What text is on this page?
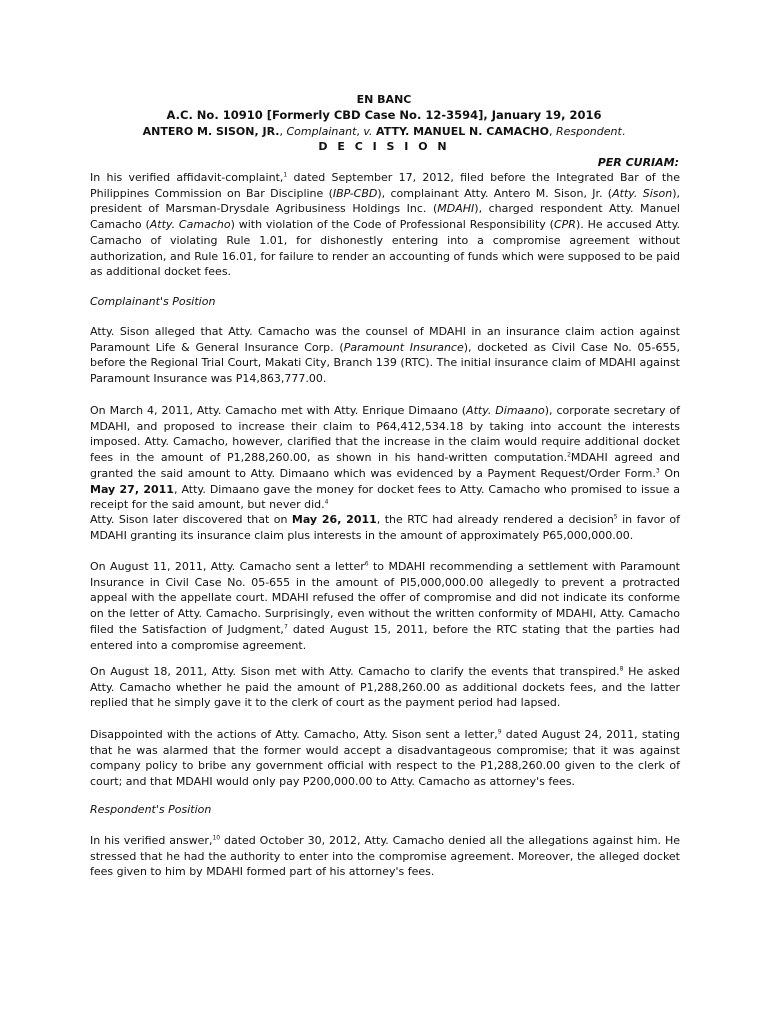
EN BANC
A.C. No. 10910 [Formerly CBD Case No. 12-3594], January 19, 2016
ANTERO M. SISON, JR., Complainant, v. ATTY. MANUEL N. CAMACHO, Respondent.
D E C I S I O N
PER CURIAM:

In his verified affidavit-complaint,$^1$ dated September 17, 2012, filed before the Integrated Bar of the Philippines Commission on Bar Discipline (IBP-CBD), complainant Atty. Antero M. Sison, Jr. (Atty. Sison), president of Marsman-Drysdale Agribusiness Holdings Inc. (MDAHI), charged respondent Atty. Manuel Camacho (Atty. Camacho) with violation of the Code of Professional Responsibility (CPR). He accused Atty. Camacho of violating Rule 1.01, for dishonestly entering into a compromise agreement without authorization, and Rule 16.01, for failure to render an accounting of funds which were supposed to be paid as additional docket fees.

Complainant's Position

Atty. Sison alleged that Atty. Camacho was the counsel of MDAHI in an insurance claim action against Paramount Life & General Insurance Corp. (Paramount Insurance), docketed as Civil Case No. 05-655, before the Regional Trial Court, Makati City, Branch 139 (RTC). The initial insurance claim of MDAHI against Paramount Insurance was P14,863,777.00.

On March 4, 2011, Atty. Camacho met with Atty. Enrique Dimaano (Atty. Dimaano), corporate secretary of MDAHI, and proposed to increase their claim to P64,412,534.18 by taking into account the interests imposed. Atty. Camacho, however, clarified that the increase in the claim would require additional docket fees in the amount of P1,288,260.00, as shown in his hand-written computation.$^2$MDAHI agreed and granted the said amount to Atty. Dimaano which was evidenced by a Payment Request/Order Form.$^3$ On May 27, 2011, Atty. Dimaano gave the money for docket fees to Atty. Camacho who promised to issue a receipt for the said amount, but never did.$^4$

Atty. Sison later discovered that on May 26, 2011, the RTC had already rendered a decision$^5$ in favor of MDAHI granting its insurance claim plus interests in the amount of approximately P65,000,000.00.

On August 11, 2011, Atty. Camacho sent a letter$^6$ to MDAHI recommending a settlement with Paramount Insurance in Civil Case No. 05-655 in the amount of PI5,000,000.00 allegedly to prevent a protracted appeal with the appellate court. MDAHI refused the offer of compromise and did not indicate its conforme on the letter of Atty. Camacho. Surprisingly, even without the written conformity of MDAHI, Atty. Camacho filed the Satisfaction of Judgment,$^7$ dated August 15, 2011, before the RTC stating that the parties had entered into a compromise agreement.

On August 18, 2011, Atty. Sison met with Atty. Camacho to clarify the events that transpired.$^8$ He asked Atty. Camacho whether he paid the amount of P1,288,260.00 as additional dockets fees, and the latter replied that he simply gave it to the clerk of court as the payment period had lapsed.

Disappointed with the actions of Atty. Camacho, Atty. Sison sent a letter,$^9$ dated August 24, 2011, stating that he was alarmed that the former would accept a disadvantageous compromise; that it was against company policy to bribe any government official with respect to the P1,288,260.00 given to the clerk of court; and that MDAHI would only pay P200,000.00 to Atty. Camacho as attorney's fees.

Respondent's Position

In his verified answer,$^{10}$ dated October 30, 2012, Atty. Camacho denied all the allegations against him. He stressed that he had the authority to enter into the compromise agreement. Moreover, the alleged docket fees given to him by MDAHI formed part of his attorney's fees.
